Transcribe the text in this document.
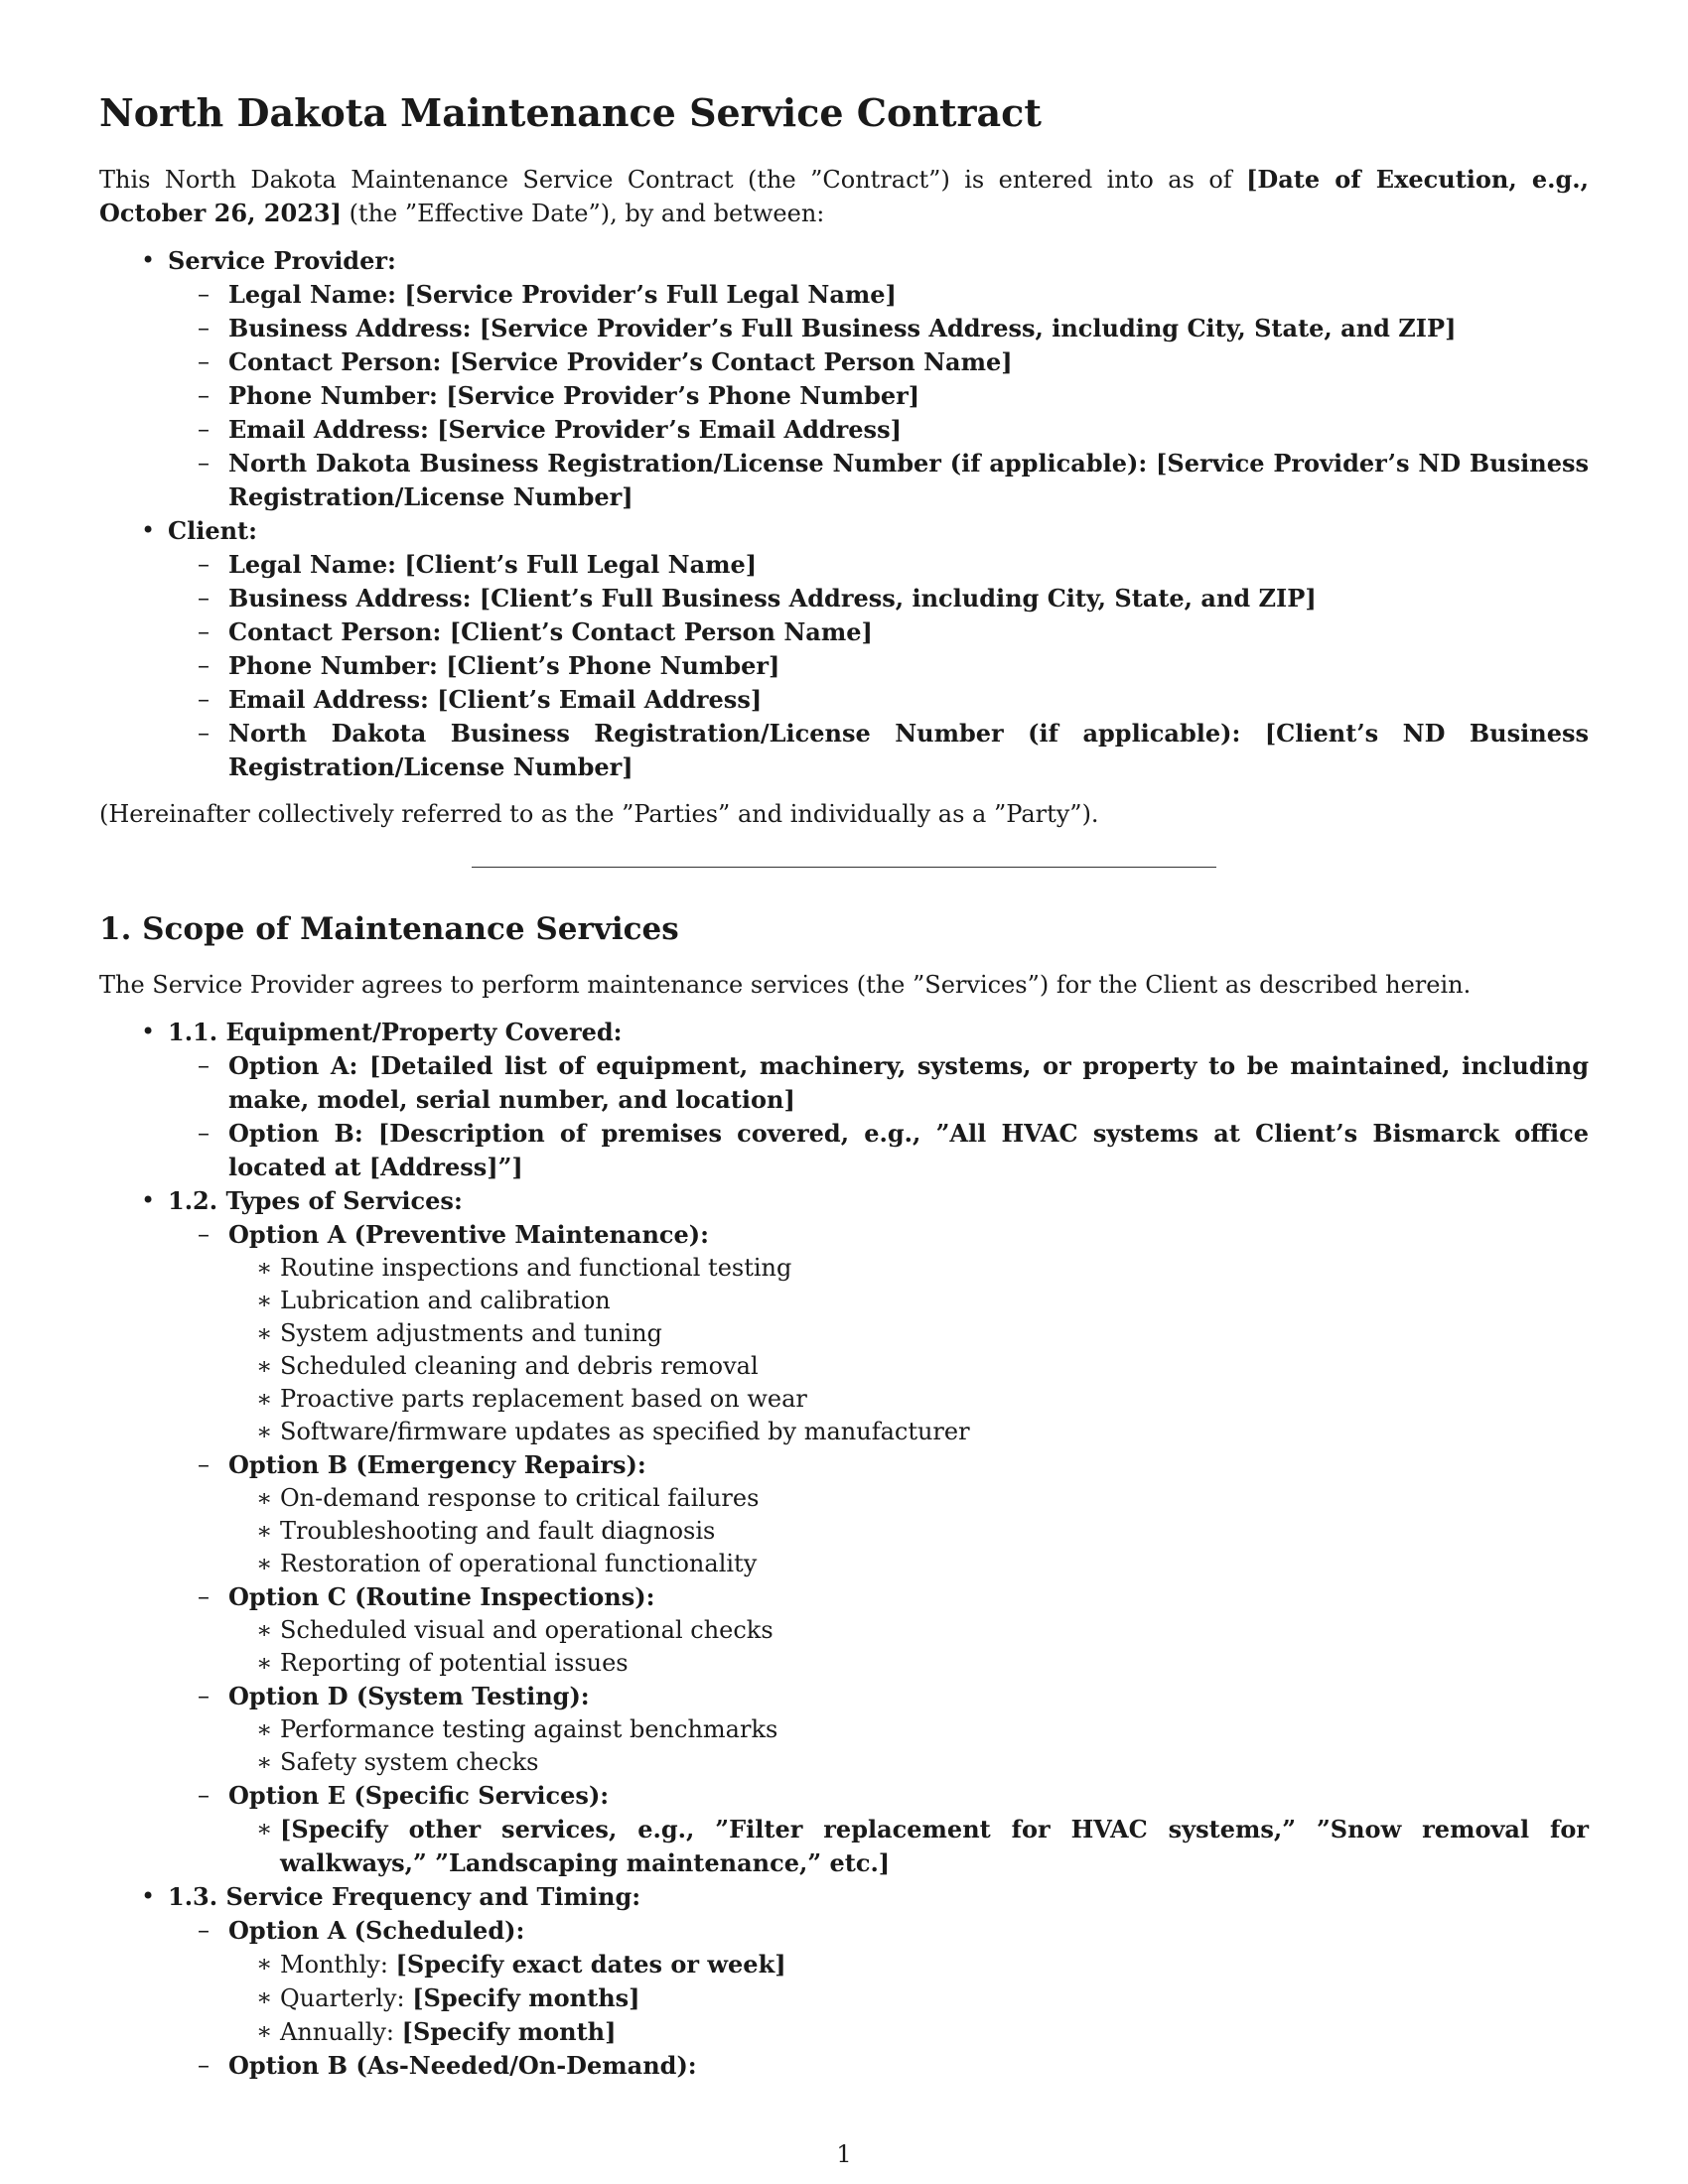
North Dakota Maintenance Service Contract

This North Dakota Maintenance Service Contract (the ”Contract”) is entered into as of [Date of Execution, e.g., October 26, 2023] (the ”Effective Date”), by and between:

• Service Provider:
– Legal Name: [Service Provider’s Full Legal Name]
– Business Address: [Service Provider’s Full Business Address, including City, State, and ZIP]
– Contact Person: [Service Provider’s Contact Person Name]
– Phone Number: [Service Provider’s Phone Number]
– Email Address: [Service Provider’s Email Address]
– North Dakota Business Registration/License Number (if applicable): [Service Provider’s ND Business Registration/License Number]
• Client:
– Legal Name: [Client’s Full Legal Name]
– Business Address: [Client’s Full Business Address, including City, State, and ZIP]
– Contact Person: [Client’s Contact Person Name]
– Phone Number: [Client’s Phone Number]
– Email Address: [Client’s Email Address]
– North Dakota Business Registration/License Number (if applicable): [Client’s ND Business Registration/License Number]

(Hereinafter collectively referred to as the ”Parties” and individually as a ”Party”).

1. Scope of Maintenance Services

The Service Provider agrees to perform maintenance services (the ”Services”) for the Client as described herein.

• 1.1. Equipment/Property Covered:
– Option A: [Detailed list of equipment, machinery, systems, or property to be maintained, including make, model, serial number, and location]
– Option B: [Description of premises covered, e.g., ”All HVAC systems at Client’s Bismarck office located at [Address]”]
• 1.2. Types of Services:
– Option A (Preventive Maintenance):
∗ Routine inspections and functional testing
∗ Lubrication and calibration
∗ System adjustments and tuning
∗ Scheduled cleaning and debris removal
∗ Proactive parts replacement based on wear
∗ Software/firmware updates as specified by manufacturer
– Option B (Emergency Repairs):
∗ On-demand response to critical failures
∗ Troubleshooting and fault diagnosis
∗ Restoration of operational functionality
– Option C (Routine Inspections):
∗ Scheduled visual and operational checks
∗ Reporting of potential issues
– Option D (System Testing):
∗ Performance testing against benchmarks
∗ Safety system checks
– Option E (Specific Services):
∗ [Specify other services, e.g., ”Filter replacement for HVAC systems,” ”Snow removal for walkways,” ”Landscaping maintenance,” etc.]
• 1.3. Service Frequency and Timing:
– Option A (Scheduled):
∗ Monthly: [Specify exact dates or week]
∗ Quarterly: [Specify months]
∗ Annually: [Specify month]
– Option B (As-Needed/On-Demand):
1
